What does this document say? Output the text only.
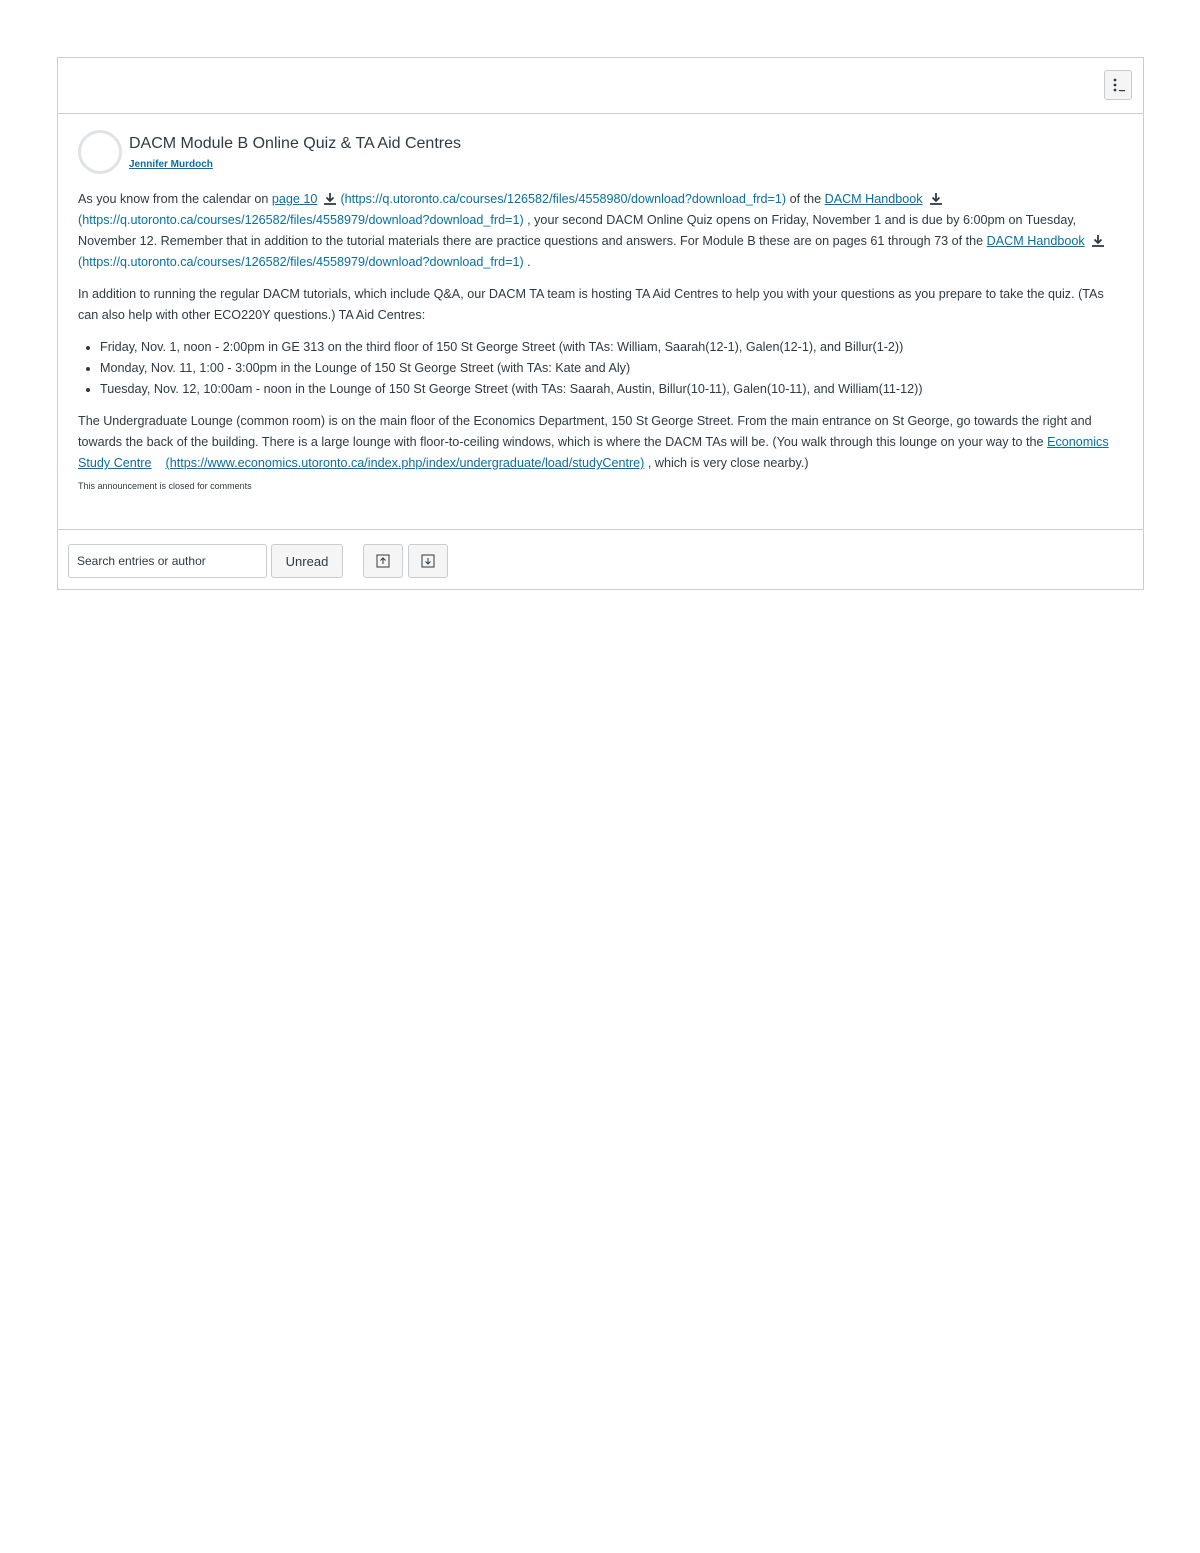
DACM Module B Online Quiz & TA Aid Centres
Jennifer Murdoch

As you know from the calendar on page 10 (https://q.utoronto.ca/courses/126582/files/4558980/download?download_frd=1) of the DACM Handbook(https://q.utoronto.ca/courses/126582/files/4558979/download?download_frd=1) , your second DACM Online Quiz opens on Friday, November 1 and is due by 6:00pm on Tuesday, November 12. Remember that in addition to the tutorial materials there are practice questions and answers. For Module B these are on pages 61 through 73 of the DACM Handbook(https://q.utoronto.ca/courses/126582/files/4558979/download?download_frd=1) .

In addition to running the regular DACM tutorials, which include Q&A, our DACM TA team is hosting TA Aid Centres to help you with your questions as you prepare to take the quiz. (TAs can also help with other ECO220Y questions.) TA Aid Centres:

• Friday, Nov. 1, noon - 2:00pm in GE 313 on the third floor of 150 St George Street (with TAs: William, Saarah(12-1), Galen(12-1), and Billur(1-2))
• Monday, Nov. 11, 1:00 - 3:00pm in the Lounge of 150 St George Street (with TAs: Kate and Aly)
• Tuesday, Nov. 12, 10:00am - noon in the Lounge of 150 St George Street (with TAs: Saarah, Austin, Billur(10-11), Galen(10-11), and William(11-12))

The Undergraduate Lounge (common room) is on the main floor of the Economics Department, 150 St George Street. From the main entrance on St George, go towards the right and towards the back of the building. There is a large lounge with floor-to-ceiling windows, which is where the DACM TAs will be. (You walk through this lounge on your way to the Economics Study Centre (https://www.economics.utoronto.ca/index.php/index/undergraduate/load/studyCentre) , which is very close nearby.)

This announcement is closed for comments
Search entries or author
Unread
